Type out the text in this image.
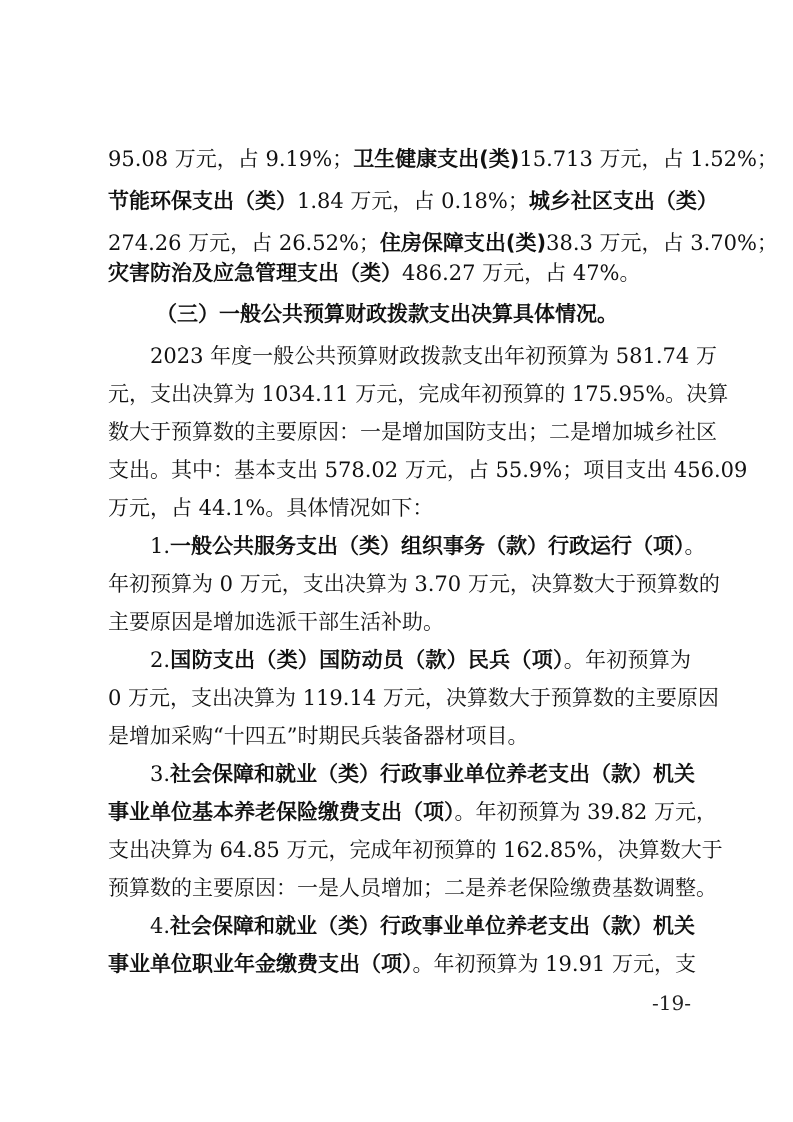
95.08 万元，占 9.19%；卫生健康支出(类)15.713 万元，占 1.52%；
节能环保支出（类）1.84 万元，占 0.18%；城乡社区支出（类）
274.26 万元，占 26.52%；住房保障支出(类)38.3 万元，占 3.70%；
灾害防治及应急管理支出（类）486.27 万元，占 47%。
（三）一般公共预算财政拨款支出决算具体情况。
2023 年度一般公共预算财政拨款支出年初预算为 581.74 万
元，支出决算为 1034.11 万元，完成年初预算的 175.95%。决算
数大于预算数的主要原因：一是增加国防支出；二是增加城乡社区
支出。其中：基本支出 578.02 万元，占 55.9%；项目支出 456.09
万元，占 44.1%。具体情况如下：
1.一般公共服务支出（类）组织事务（款）行政运行（项）。
年初预算为 0 万元，支出决算为 3.70 万元，决算数大于预算数的
主要原因是增加选派干部生活补助。
2.国防支出（类）国防动员（款）民兵（项）。年初预算为
0 万元，支出决算为 119.14 万元，决算数大于预算数的主要原因
是增加采购“十四五”时期民兵装备器材项目。
3.社会保障和就业（类）行政事业单位养老支出（款）机关
事业单位基本养老保险缴费支出（项）。年初预算为 39.82 万元，
支出决算为 64.85 万元，完成年初预算的 162.85%，决算数大于
预算数的主要原因：一是人员增加；二是养老保险缴费基数调整。
4.社会保障和就业（类）行政事业单位养老支出（款）机关
事业单位职业年金缴费支出（项）。年初预算为 19.91 万元，支
-19-
